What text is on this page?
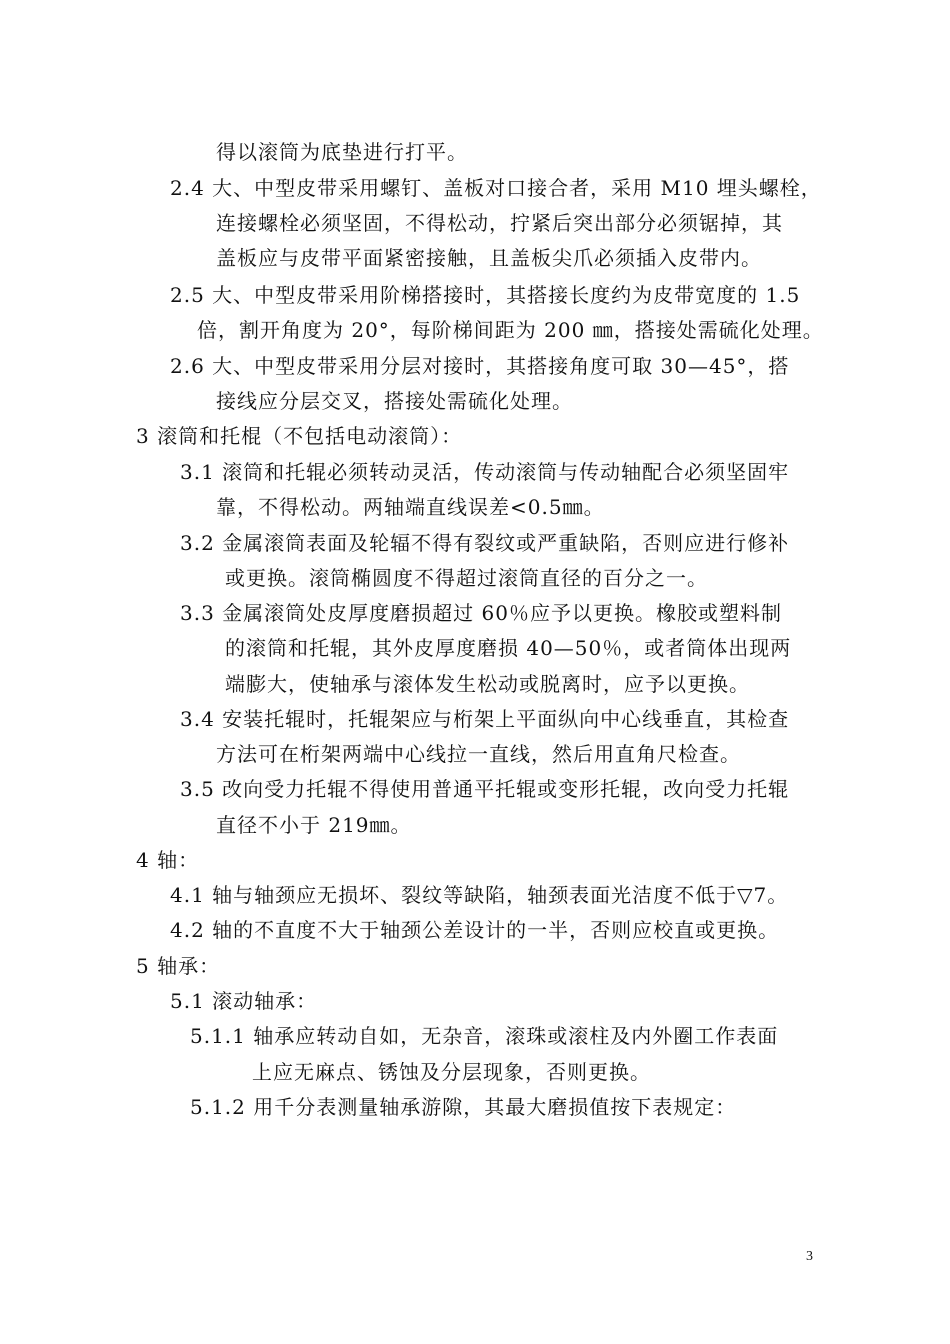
得以滚筒为底垫进行打平。
2.4 大、中型皮带采用螺钉、盖板对口接合者，采用 M10 埋头螺栓，
连接螺栓必须坚固，不得松动，拧紧后突出部分必须锯掉，其
盖板应与皮带平面紧密接触，且盖板尖爪必须插入皮带内。
2.5 大、中型皮带采用阶梯搭接时，其搭接长度约为皮带宽度的 1.5
倍，割开角度为 20°，每阶梯间距为 200 ㎜，搭接处需硫化处理。
2.6 大、中型皮带采用分层对接时，其搭接角度可取 30—45°，搭
接线应分层交叉，搭接处需硫化处理。
3 滚筒和托棍（不包括电动滚筒）：
3.1 滚筒和托辊必须转动灵活，传动滚筒与传动轴配合必须坚固牢
靠，不得松动。两轴端直线误差<0.5㎜。
3.2 金属滚筒表面及轮辐不得有裂纹或严重缺陷，否则应进行修补
或更换。滚筒椭圆度不得超过滚筒直径的百分之一。
3.3 金属滚筒处皮厚度磨损超过 60％应予以更换。橡胶或塑料制
的滚筒和托辊，其外皮厚度磨损 40—50％，或者筒体出现两
端膨大，使轴承与滚体发生松动或脱离时，应予以更换。
3.4 安装托辊时，托辊架应与桁架上平面纵向中心线垂直，其检查
方法可在桁架两端中心线拉一直线，然后用直角尺检查。
3.5 改向受力托辊不得使用普通平托辊或变形托辊，改向受力托辊
直径不小于 219㎜。
4 轴：
4.1 轴与轴颈应无损坏、裂纹等缺陷，轴颈表面光洁度不低于▽7。
4.2 轴的不直度不大于轴颈公差设计的一半，否则应校直或更换。
5 轴承：
5.1 滚动轴承：
5.1.1 轴承应转动自如，无杂音，滚珠或滚柱及内外圈工作表面
上应无麻点、锈蚀及分层现象，否则更换。
5.1.2 用千分表测量轴承游隙，其最大磨损值按下表规定：
3
